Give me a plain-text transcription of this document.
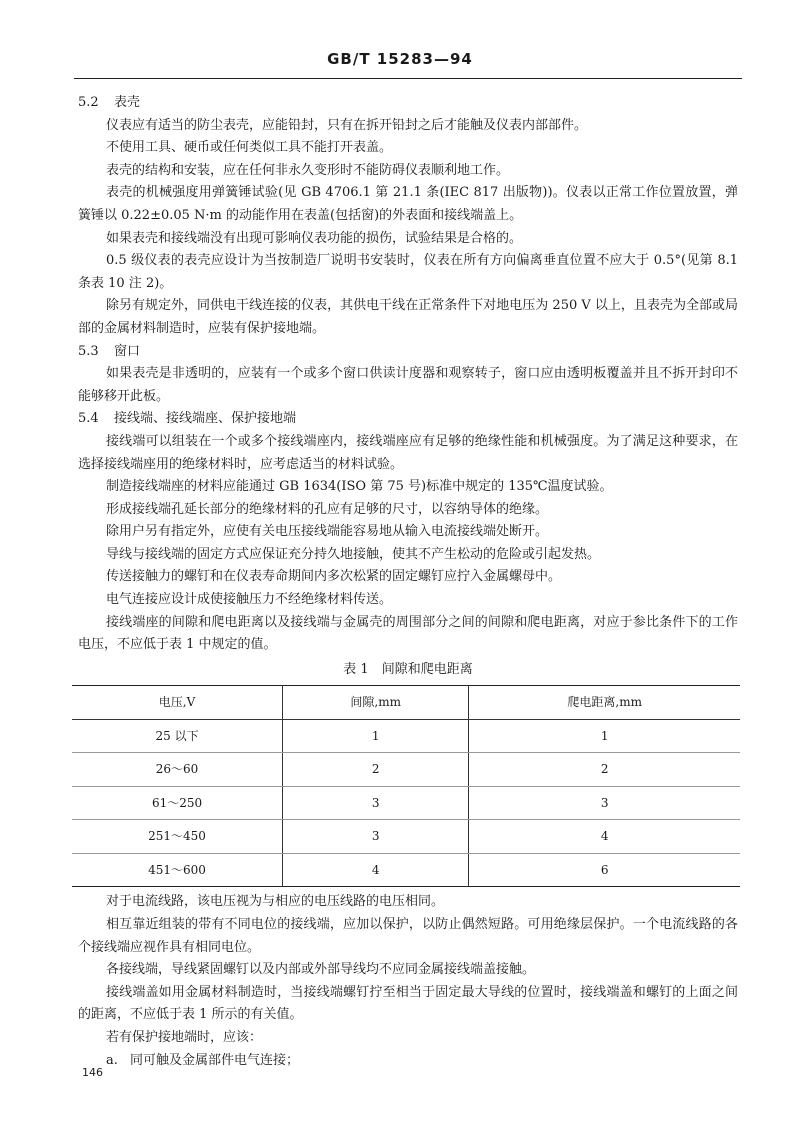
GB/T 15283—94
5.2 表壳

仪表应有适当的防尘表壳，应能铅封，只有在拆开铅封之后才能触及仪表内部部件。

不使用工具、硬币或任何类似工具不能打开表盖。

表壳的结构和安装，应在任何非永久变形时不能防碍仪表顺利地工作。

表壳的机械强度用弹簧锤试验(见 GB 4706.1 第 21.1 条(IEC 817 出版物))。仪表以正常工作位置放置，弹簧锤以 0.22±0.05 N·m 的动能作用在表盖(包括窗)的外表面和接线端盖上。

如果表壳和接线端没有出现可影响仪表功能的损伤，试验结果是合格的。

0.5 级仪表的表壳应设计为当按制造厂说明书安装时，仪表在所有方向偏离垂直位置不应大于 0.5°(见第 8.1 条表 10 注 2)。

除另有规定外，同供电干线连接的仪表，其供电干线在正常条件下对地电压为 250 V 以上，且表壳为全部或局部的金属材料制造时，应装有保护接地端。

5.3 窗口

如果表壳是非透明的，应装有一个或多个窗口供读计度器和观察转子，窗口应由透明板覆盖并且不拆开封印不能够移开此板。

5.4 接线端、接线端座、保护接地端

接线端可以组装在一个或多个接线端座内，接线端座应有足够的绝缘性能和机械强度。为了满足这种要求，在选择接线端座用的绝缘材料时，应考虑适当的材料试验。

制造接线端座的材料应能通过 GB 1634(ISO 第 75 号)标准中规定的 135℃温度试验。

形成接线端孔延长部分的绝缘材料的孔应有足够的尺寸，以容纳导体的绝缘。

除用户另有指定外，应使有关电压接线端能容易地从输入电流接线端处断开。

导线与接线端的固定方式应保证充分持久地接触，使其不产生松动的危险或引起发热。

传送接触力的螺钉和在仪表寿命期间内多次松紧的固定螺钉应拧入金属螺母中。

电气连接应设计成使接触压力不经绝缘材料传送。

接线端座的间隙和爬电距离以及接线端与金属壳的周围部分之间的间隙和爬电距离，对应于参比条件下的工作电压，不应低于表 1 中规定的值。

表 1　间隙和爬电距离
电压,V	间隙,mm	爬电距离,mm
25 以下	1	1
26～60	2	2
61～250	3	3
251～450	3	4
451～600	4	6

对于电流线路，该电压视为与相应的电压线路的电压相同。

相互靠近组装的带有不同电位的接线端，应加以保护，以防止偶然短路。可用绝缘层保护。一个电流线路的各个接线端应视作具有相同电位。

各接线端，导线紧固螺钉以及内部或外部导线均不应同金属接线端盖接触。

接线端盖如用金属材料制造时，当接线端螺钉拧至相当于固定最大导线的位置时，接线端盖和螺钉的上面之间的距离，不应低于表 1 所示的有关值。

若有保护接地端时，应该：

a. 同可触及金属部件电气连接；
146
